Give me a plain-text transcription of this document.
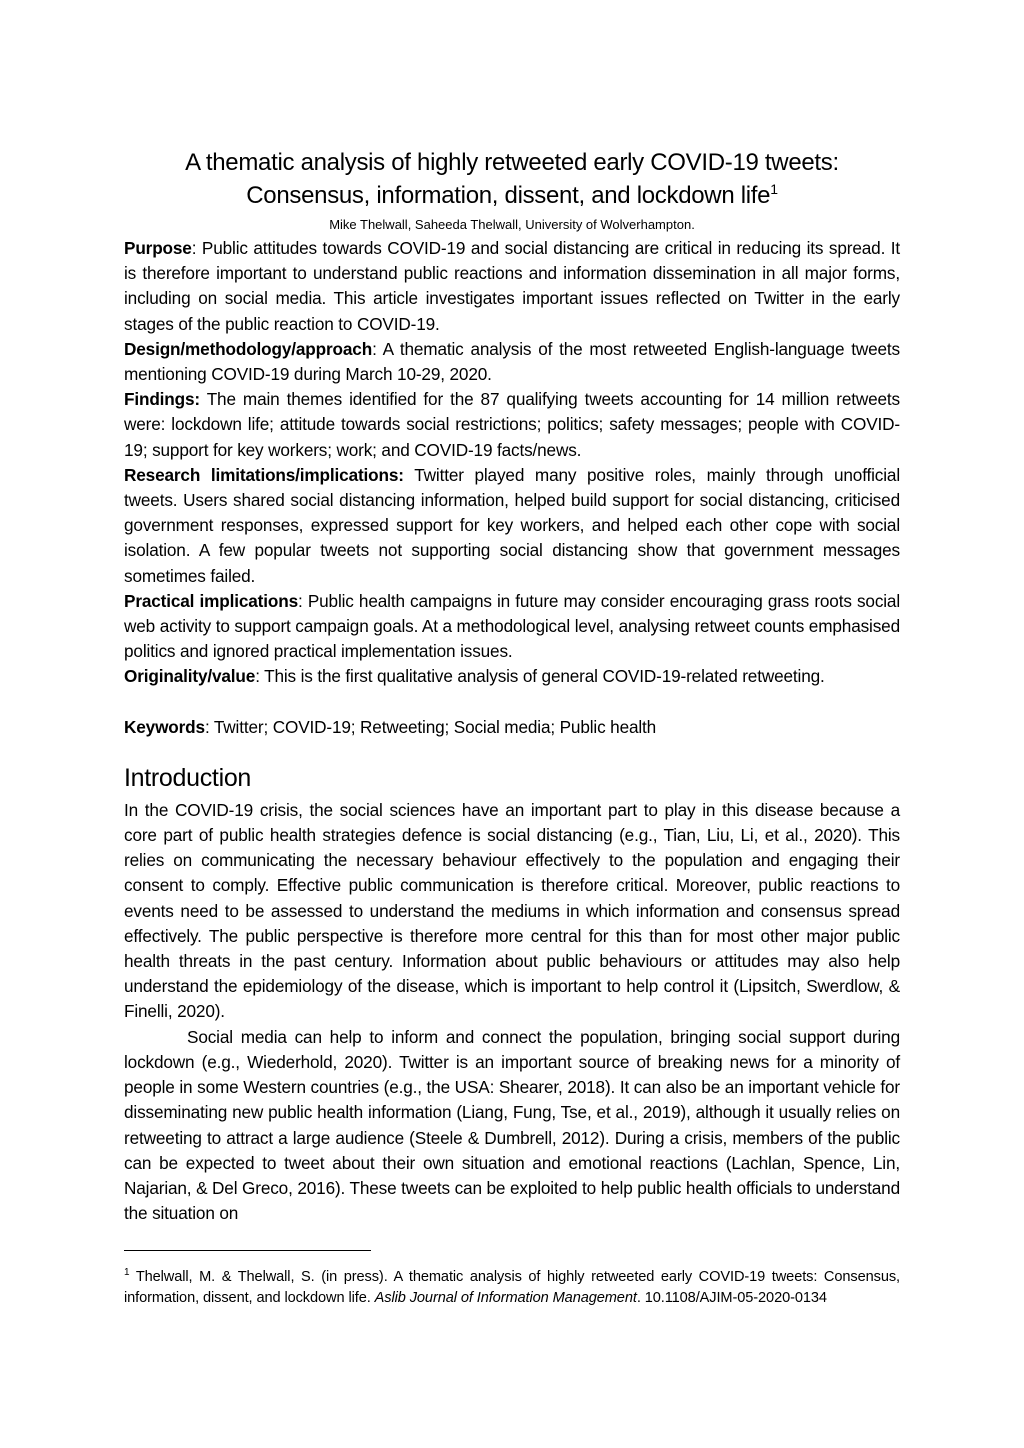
A thematic analysis of highly retweeted early COVID-19 tweets:
Consensus, information, dissent, and lockdown life$^1$
Mike Thelwall, Saheeda Thelwall, University of Wolverhampton.

Purpose: Public attitudes towards COVID-19 and social distancing are critical in reducing its spread. It is therefore important to understand public reactions and information dissemination in all major forms, including on social media. This article investigates important issues reflected on Twitter in the early stages of the public reaction to COVID-19.

Design/methodology/approach: A thematic analysis of the most retweeted English-language tweets mentioning COVID-19 during March 10-29, 2020.

Findings: The main themes identified for the 87 qualifying tweets accounting for 14 million retweets were: lockdown life; attitude towards social restrictions; politics; safety messages; people with COVID-19; support for key workers; work; and COVID-19 facts/news.

Research limitations/implications: Twitter played many positive roles, mainly through unofficial tweets. Users shared social distancing information, helped build support for social distancing, criticised government responses, expressed support for key workers, and helped each other cope with social isolation. A few popular tweets not supporting social distancing show that government messages sometimes failed.

Practical implications: Public health campaigns in future may consider encouraging grass roots social web activity to support campaign goals. At a methodological level, analysing retweet counts emphasised politics and ignored practical implementation issues.

Originality/value: This is the first qualitative analysis of general COVID-19-related retweeting.

Keywords: Twitter; COVID-19; Retweeting; Social media; Public health

Introduction

In the COVID-19 crisis, the social sciences have an important part to play in this disease because a core part of public health strategies defence is social distancing (e.g., Tian, Liu, Li, et al., 2020). This relies on communicating the necessary behaviour effectively to the population and engaging their consent to comply. Effective public communication is therefore critical. Moreover, public reactions to events need to be assessed to understand the mediums in which information and consensus spread effectively. The public perspective is therefore more central for this than for most other major public health threats in the past century. Information about public behaviours or attitudes may also help understand the epidemiology of the disease, which is important to help control it (Lipsitch, Swerdlow, & Finelli, 2020).

Social media can help to inform and connect the population, bringing social support during lockdown (e.g., Wiederhold, 2020). Twitter is an important source of breaking news for a minority of people in some Western countries (e.g., the USA: Shearer, 2018). It can also be an important vehicle for disseminating new public health information (Liang, Fung, Tse, et al., 2019), although it usually relies on retweeting to attract a large audience (Steele & Dumbrell, 2012). During a crisis, members of the public can be expected to tweet about their own situation and emotional reactions (Lachlan, Spence, Lin, Najarian, & Del Greco, 2016). These tweets can be exploited to help public health officials to understand the situation on

$^1$ Thelwall, M. & Thelwall, S. (in press). A thematic analysis of highly retweeted early COVID-19 tweets: Consensus, information, dissent, and lockdown life. Aslib Journal of Information Management. 10.1108/AJIM-05-2020-0134
